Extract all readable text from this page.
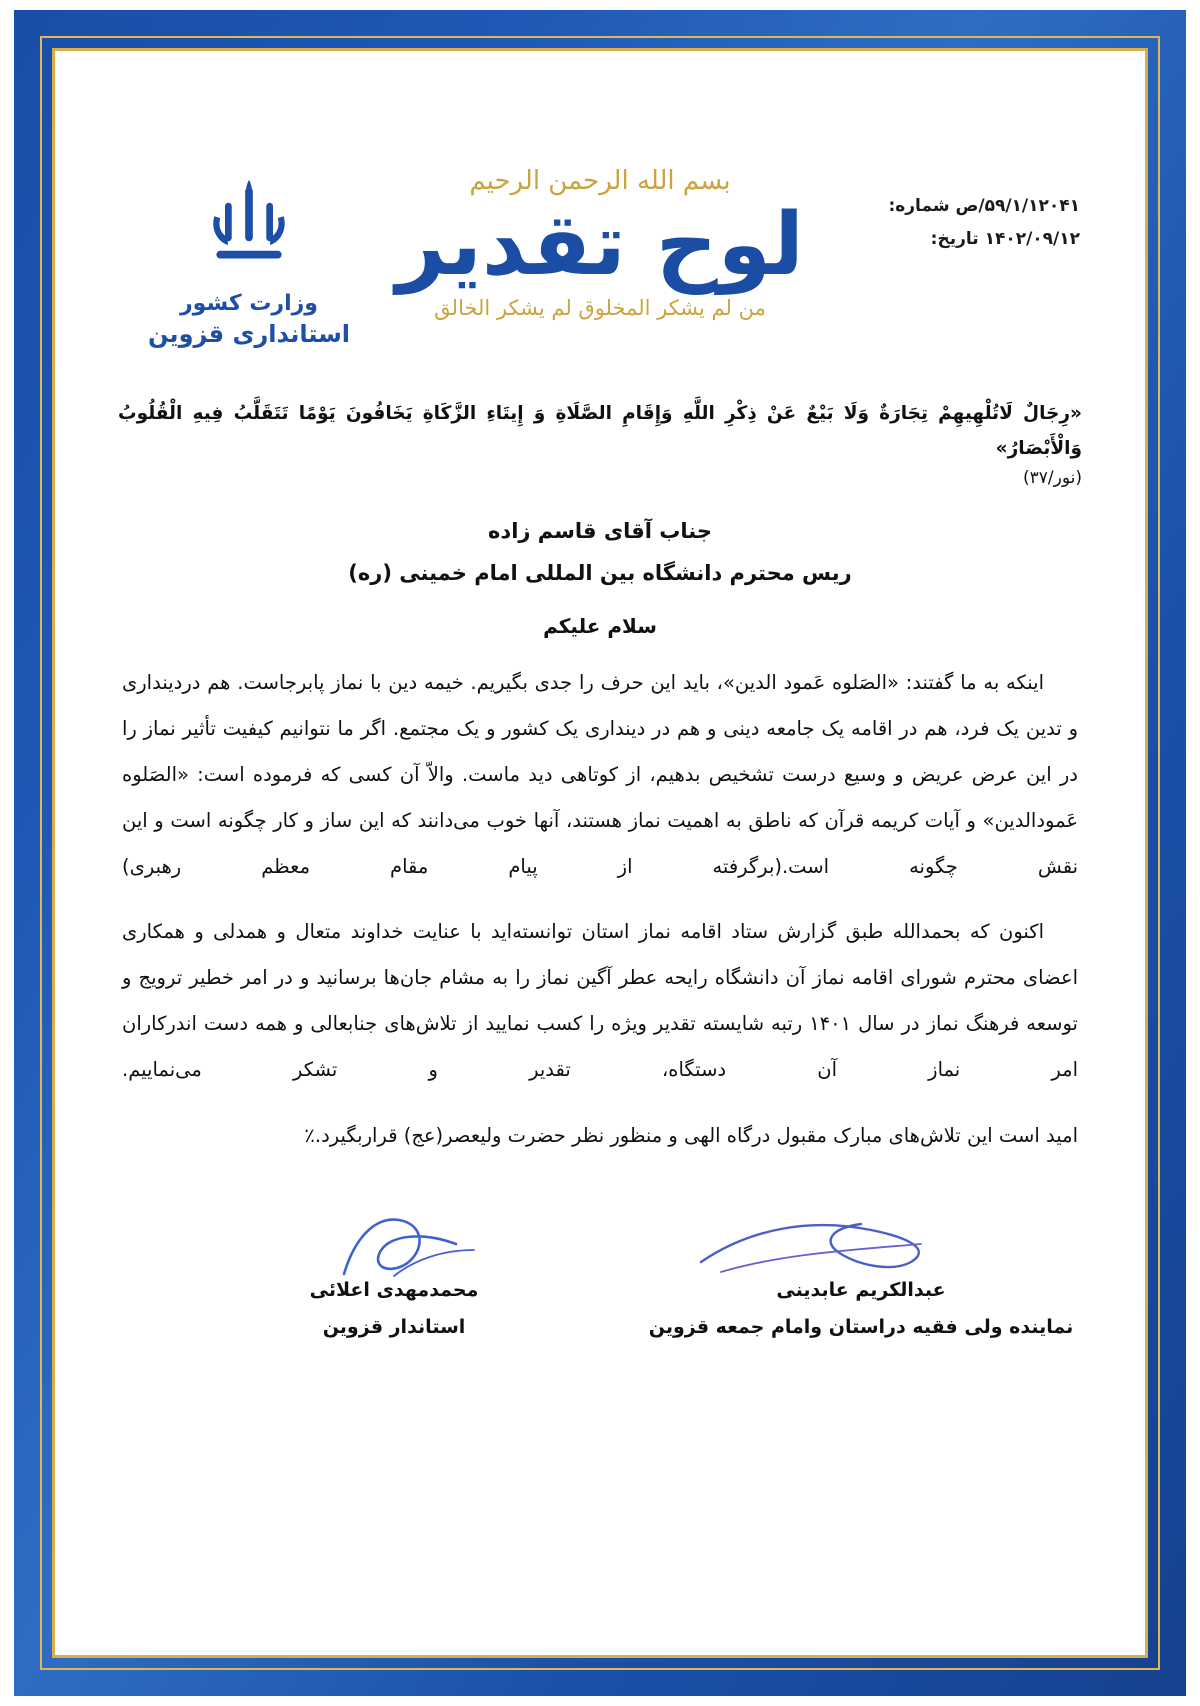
۵۹/۱/۱۲۰۴۱/ص شماره:
۱۴۰۲/۰۹/۱۲ تاریخ:
بسم الله الرحمن الرحیم
لوح تقدیر
من لم یشکر المخلوق لم یشکر الخالق
وزارت کشور
استانداری قزوین
«رِجَالٌ لَاتُلْهِیهِمْ تِجَارَةٌ وَلَا بَیْعٌ عَنْ ذِكْرِ اللَّهِ وَإِقَامِ الصَّلَاةِ وَ إِیتَاءِ الزَّكَاةِ یَخَافُونَ یَوْمًا تَتَقَلَّبُ فِیهِ الْقُلُوبُ وَالْأَبْصَارُ»
(نور/۳۷)
جناب آقای قاسم زاده
ریس محترم دانشگاه بین المللی امام خمینی (ره)
سلام علیکم
اینکه به ما گفتند: «الصَلوه عَمود الدین»، باید این حرف را جدی بگیریم. خیمه دین با نماز پابرجاست. هم دردینداری و تدین یک فرد، هم در اقامه یک جامعه دینی و هم در دینداری یک کشور و یک مجتمع. اگر ما نتوانیم کیفیت تأثیر نماز را در این عرض عریض و وسیع درست تشخیص بدهیم، از کوتاهی دید ماست. والاّ آن کسی که فرموده است: «الصَلوه عَمودالدین» و آیات کریمه قرآن که ناطق به اهمیت نماز هستند، آنها خوب می‌دانند که این ساز و کار چگونه است و این نقش چگونه است.(برگرفته از پیام مقام معظم رهبری)
اکنون که بحمدالله طبق گزارش ستاد اقامه نماز استان توانسته‌اید با عنایت خداوند متعال و همدلی و همکاری اعضای محترم شورای اقامه نماز آن دانشگاه رایحه عطر آگین نماز را به مشام جان‌ها برسانید و در امر خطیر ترویج و توسعه فرهنگ نماز در سال ۱۴۰۱ رتبه شایسته تقدیر ویژه را کسب نمایید از تلاش‌های جنابعالی و همه دست اندرکاران امر نماز آن دستگاه، تقدیر و تشکر می‌نماییم.
امید است این تلاش‌های مبارک مقبول درگاه الهی و منظور نظر حضرت ولیعصر(عج) قراربگیرد.٪
عبدالکریم عابدینی
نماینده ولی فقیه دراستان وامام جمعه قزوین
محمدمهدی اعلائی
استاندار قزوین
